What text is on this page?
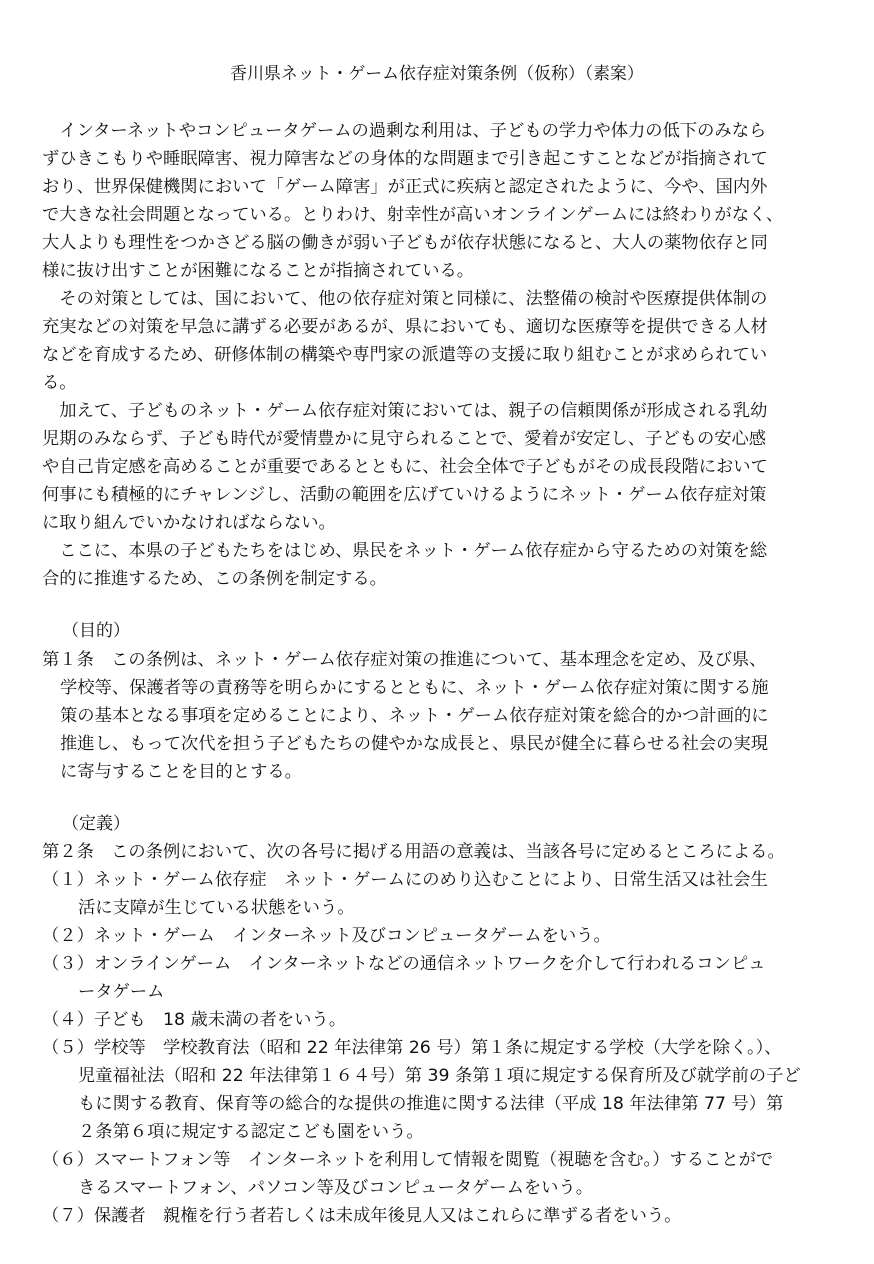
香川県ネット・ゲーム依存症対策条例（仮称）（素案）
　インターネットやコンピュータゲームの過剰な利用は、子どもの学力や体力の低下のみなら
ずひきこもりや睡眠障害、視力障害などの身体的な問題まで引き起こすことなどが指摘されて
おり、世界保健機関において「ゲーム障害」が正式に疾病と認定されたように、今や、国内外
で大きな社会問題となっている。とりわけ、射幸性が高いオンラインゲームには終わりがなく、
大人よりも理性をつかさどる脳の働きが弱い子どもが依存状態になると、大人の薬物依存と同
様に抜け出すことが困難になることが指摘されている。
　その対策としては、国において、他の依存症対策と同様に、法整備の検討や医療提供体制の
充実などの対策を早急に講ずる必要があるが、県においても、適切な医療等を提供できる人材
などを育成するため、研修体制の構築や専門家の派遣等の支援に取り組むことが求められてい
る。
　加えて、子どものネット・ゲーム依存症対策においては、親子の信頼関係が形成される乳幼
児期のみならず、子ども時代が愛情豊かに見守られることで、愛着が安定し、子どもの安心感
や自己肯定感を高めることが重要であるとともに、社会全体で子どもがその成長段階において
何事にも積極的にチャレンジし、活動の範囲を広げていけるようにネット・ゲーム依存症対策
に取り組んでいかなければならない。
　ここに、本県の子どもたちをはじめ、県民をネット・ゲーム依存症から守るための対策を総
合的に推進するため、この条例を制定する。
（目的）
第１条　この条例は、ネット・ゲーム依存症対策の推進について、基本理念を定め、及び県、
学校等、保護者等の責務等を明らかにするとともに、ネット・ゲーム依存症対策に関する施
策の基本となる事項を定めることにより、ネット・ゲーム依存症対策を総合的かつ計画的に
推進し、もって次代を担う子どもたちの健やかな成長と、県民が健全に暮らせる社会の実現
に寄与することを目的とする。
（定義）
第２条　この条例において、次の各号に掲げる用語の意義は、当該各号に定めるところによる。
（１）ネット・ゲーム依存症　ネット・ゲームにのめり込むことにより、日常生活又は社会生
活に支障が生じている状態をいう。
（２）ネット・ゲーム　インターネット及びコンピュータゲームをいう。
（３）オンラインゲーム　インターネットなどの通信ネットワークを介して行われるコンピュ
ータゲーム
（４）子ども　18 歳未満の者をいう。
（５）学校等　学校教育法（昭和 22 年法律第 26 号）第１条に規定する学校（大学を除く。）、
児童福祉法（昭和 22 年法律第１６４号）第 39 条第１項に規定する保育所及び就学前の子ど
もに関する教育、保育等の総合的な提供の推進に関する法律（平成 18 年法律第 77 号）第
２条第６項に規定する認定こども園をいう。
（６）スマートフォン等　インターネットを利用して情報を閲覧（視聴を含む。）することがで
きるスマートフォン、パソコン等及びコンピュータゲームをいう。
（７）保護者　親権を行う者若しくは未成年後見人又はこれらに準ずる者をいう。
